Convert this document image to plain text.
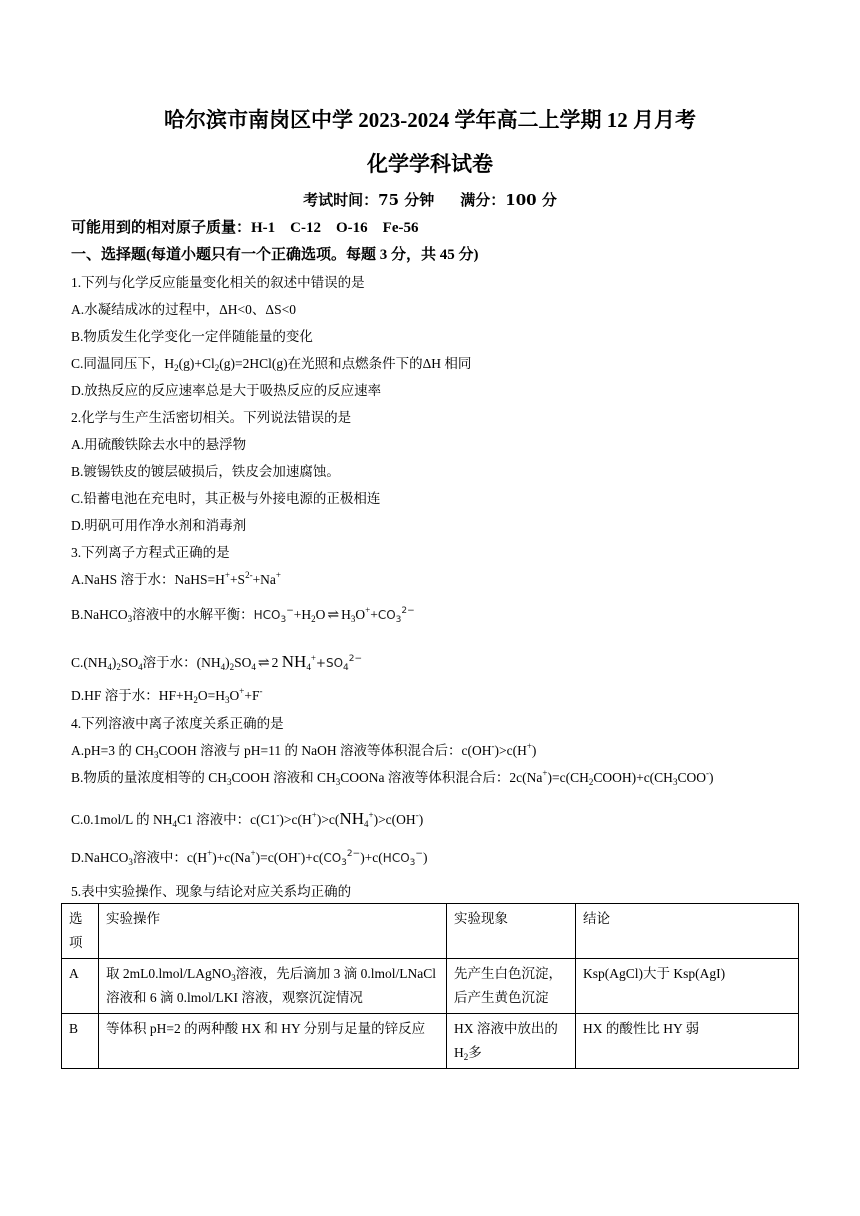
哈尔滨市南岗区中学 2023-2024 学年高二上学期 12 月月考
化学学科试卷
考试时间：75 分钟 满分：100 分
可能用到的相对原子质量：H-1　C-12　O-16　Fe-56
一、选择题(每道小题只有一个正确选项。每题 3 分，共 45 分)
1.下列与化学反应能量变化相关的叙述中错误的是
A.水凝结成冰的过程中，ΔH<0、ΔS<0
B.物质发生化学变化一定伴随能量的变化
C.同温同压下，$H_2(g)+Cl_2(g)=2HCl(g)$在光照和点燃条件下的ΔH 相同
D.放热反应的反应速率总是大于吸热反应的反应速率
2.化学与生产生活密切相关。下列说法错误的是
A.用硫酸铁除去水中的悬浮物
B.镀锡铁皮的镀层破损后，铁皮会加速腐蚀。
C.铅蓄电池在充电时，其正极与外接电源的正极相连
D.明矾可用作净水剂和消毒剂
3.下列离子方程式正确的是
A.NaHS 溶于水：$NaHS=H^++S^{2-}+Na^+$
B.NaHCO$_3$溶液中的水解平衡：$HCO_3^-+H_2O$ ⇌ $H_3O^++CO_3^{2-}$
$C.(NH_4)_2SO_4$溶于水：$(NH_4)_2SO_4$ ⇌ 2 $NH_4^++SO_4^{2-}$
D.HF 溶于水：$HF+H_2O=H_3O^++F^-$
4.下列溶液中离子浓度关系正确的是
A.pH=3 的 $CH_3COOH$ 溶液与 pH=11 的 NaOH 溶液等体积混合后：c(OH-)>c(H+)
B.物质的量浓度相等的 $CH_3COOH$ 溶液和 $CH_3COONa$ 溶液等体积混合后：$2c(Na^+)=c(CH_2COOH)+c(CH_3COO^-)$
C.0.1mol/L 的 $NH_4C1$ 溶液中：$c(C1^-)>c(H^+)>c(NH_4^+)>c(OH^-)$
D.NaHCO$_3$溶液中：$c(H^+)+c(Na^+)=c(OH^-)+c(CO_3^{2-})+c(HCO_3^-)$
5.表中实验操作、现象与结论对应关系均正确的
选项	实验操作	实验现象	结论
A	取 2mL0.lmol/LAgNO$_3$溶液，先后滴加 3 滴 0.lmol/LNaCl 溶液和 6 滴 0.lmol/LKI 溶液，观察沉淀情况	先产生白色沉淀，后产生黄色沉淀	Ksp(AgCl)大于 Ksp(AgI)
B	等体积 pH=2 的两种酸 HX 和 HY 分别与足量的锌反应	HX 溶液中放出的 $H_2$多	HX 的酸性比 HY 弱
